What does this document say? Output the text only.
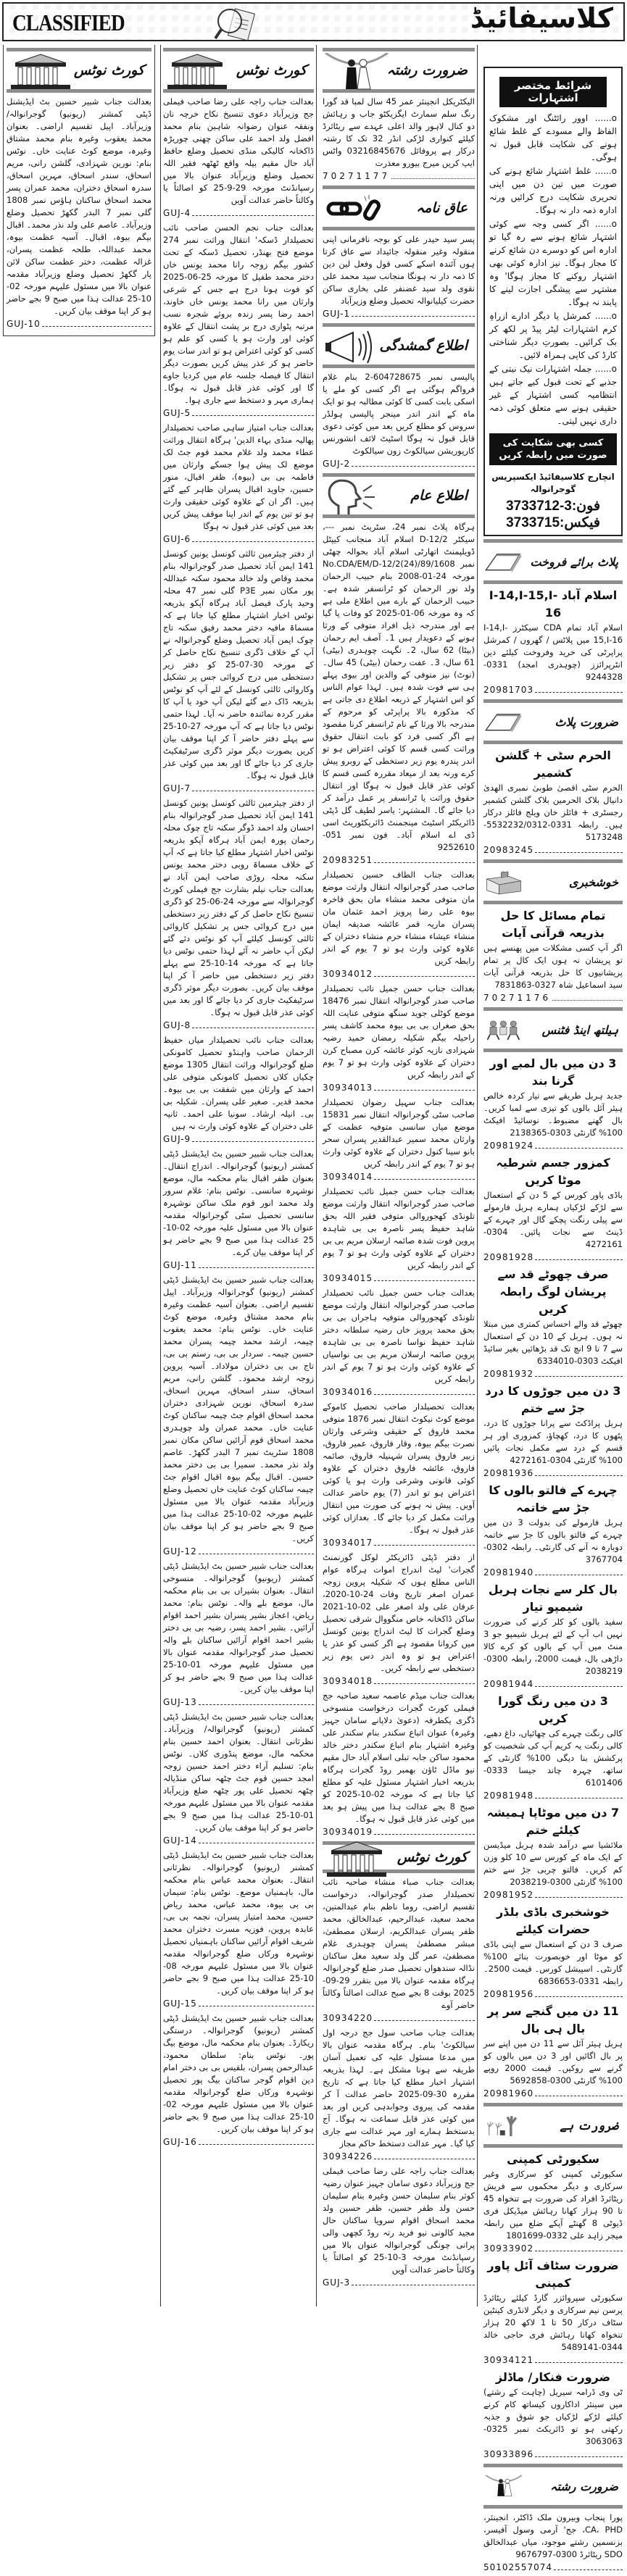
CLASSIFIED	کلاسیفائیڈ
کورٹ نوٹس
بعدالت جناب شبیر حسین بٹ ایڈیشنل ڈپٹی کمشنر (ریونیو) گوجرانوالہ/ وزیرآباد۔ اپیل تقسیم اراضی۔ بعنوان محمد یعقوب وغیرہ بنام محمد مشتاق وغیرہ، موضع کوٹ عنایت خاں۔ نوٹس بنام: نورین شہزادی، گلشن رانی، مریم اسحاق، سندر اسحاق، مہرین اسحاق، سدرہ اسحاق دختران، محمد عمران پسر محمد اسحاق ساکنان ہاؤس نمبر 1808 گلی نمبر 7 البدر گکھڑ تحصیل وضلع وزیرآباد۔ عاصم علی ولد نذر محمد۔ اقبال بیگم بیوہ، اقبال۔ آسیہ عظمت بیوہ، محمد عبداللہ، طلحہ عظمت پسران، غزالہ عظمت، دختر عظمت ساکن لائن پار گکھڑ تحصیل وضلع وزیرآباد مقدمہ عنوان بالا میں مسئول علیہم مورخہ 02-10-25 عدالت ہذا میں صبح 9 بجے حاضر ہو کر اپنا موقف بیان کریں۔
GUJ-10
کورٹ نوٹس
بعدالت جناب راجہ علی رضا صاحب فیملی جج وزیرآباد دعوی تنسیخ نکاح خرچہ نان ونفقہ عنوان رضوانہ شاہین بنام محمد افضل ولد احمد علی ساکن چھنی چوریڑہ ڈاکخانہ کالیکی منڈی تحصیل وضلع حافظ آباد حال مقیم بیلہ واقع ٹھٹھہ فقیر اللہ تحصیل وضلع وزیرآباد عنوان بالا میں رسپانڈنٹ مورخہ 29-9-25 کو اصالتاً یا وکالتاً حاضر عدالت آویں
GUJ-4
بعدالت جناب نجم الحسن صاحب نائب تحصیلدار ڈسکہ' انتقال وراثت نمبر 274 موضع فتح بھنڈر، تحصیل ڈسکہ کے تحت کشور بیگم زوجہ رانا محمد یونس خاں دختر محمد طفیل کا مورخہ 25-06-2025 کو فوت ہونا درج ہے جس کے شرعی وارثان میں رانا محمد یونس خاں خاوند، احمد رضا پسر زندہ بروئے شجرہ نسب مرتبہ پٹواری درج بر پشت انتقال کے علاوہ کوئی اور وارث ہو یا کسی کو علم ہو کسی کو کوئی اعتراض ہو تو اندر سات یوم حاضر ہو کر عذر پیش کریں بصورت دیگر انتقال کا فیصلہ جلسہ عام میں کردیا جاوے گا اور کوئی عذر قابل قبول نہ ہوگا۔ ہماری مہر و دستخط سے جاری ہوا۔
GUJ-5
بعدالت جناب امتیاز ساہی صاحب تحصیلدار پھالیہ منڈی بہاء الدین' ہرگاہ انتقال وراثت عطاء محمد ولد غلام محمد قوم جٹ لک موضع لک پیش ہوا جسکے وارثان میں فاطمہ بی بی (بیوہ)، ظفر اقبال، منور حسین، جاوید اقبال پسران ظاہر کیے گئے ہیں۔ اگر ان کے علاوہ کوئی حقیقی وارث ہو تو تین یوم کے اندر اپنا موقف پیش کریں بعد میں کوئی عذر قبول نہ ہوگا
GUJ-6
از دفتر چیئرمین ثالثی کونسل یونین کونسل 141 ایمن آباد تحصیل صدر گوجرانوالہ بنام محمد وقاص ولد خالد محمود سکنہ عبداللہ پور مکان نمبر P3E گلی نمبر 47 محلہ وحید پارک فیصل آباد ہرگاہ آپکو بذریعہ نوٹس اخبار اشتہار مطلع کیا جاتا ہے کہ مسماۃ مافیہ دختر محمد رفیق سکنہ تاج چوک ایمن آباد تحصیل وضلع گوجرانوالہ نے آپ کے خلاف ڈگری تنسیخ نکاح حاصل کر کے مورخہ 30-07-25 کو دفتر زیر دستخطی میں درج کروائی جس پر تشکیل وکاروائی ثالثی کونسل کے لئے آپ کو نوٹس بذریعہ ڈاک دیے گئے لیکن آپ خود یا آپ کا مقرر کردہ نمائندہ حاضر نہ آیا۔ لہذا حتمی نوٹس دیا جاتا ہے کہ آپ مورخہ 27-10-25 سے پہلے دفتر حاضر آ کر اپنا موقف بیان کریں بصورت دیگر موثر ڈگری سرٹیفکیٹ جاری کر دیا جائے گا اور بعد میں کوئی عذر قابل قبول نہ ہوگا۔
GUJ-7
از دفتر چیئرمین ثالثی کونسل یونین کونسل 141 ایمن آباد تحصیل صدر گوجرانوالہ بنام احسان ولد احمد ڈوگر سکنہ تاج چوک محلہ رحمان پورہ ایمن آباد ہرگاہ آپکو بذریعہ نوٹس اخبار اشتہار مطلع کیا جاتا ہے کہ آپ کے خلاف مسماۃ روبی دختر محمد یونس سکنہ محلہ روڑی صاحب ایمن آباد نے بعدالت جناب نیلم بشارت جج فیملی کورٹ گوجرانوالہ سے مورخہ 24-06-25 کو ڈگری تنسیخ نکاح حاصل کر کے دفتر زیر دستخطی میں درج کروائی جس پر تشکیل کاروائی ثالثی کونسل کیلئے آپ کو نوٹس دئے گئے لیکن آپ حاضر نہ آئے لہذا حتمی نوٹس دیا جاتا ہے کہ مورخہ 14-10-25 سے پہلے دفتر زیر دستخطی میں حاضر آ کر اپنا موقف بیان کریں۔ بصورت دیگر موثر ڈگری سرٹیفکیٹ جاری کر دیا جائے گا اور بعد میں کوئی عذر قابل قبول نہ ہوگا۔
GUJ-8
بعدالت جناب نائب تحصیلدار میاں حفیظ الرحمان صاحب واہنڈو تحصیل کامونکی ضلع گوجرانوالہ وراثت انتقال 1305 موضع چکیاں کلاں تحصیل کامونکی متوفی علی احمد کے وارثان میں شفقت بی بی بیوہ۔ محمد قدیر۔ صغیر علی پسران۔ شکیلہ بی بی۔ انیلہ ارشاد۔ سونیا علی احمد۔ ثانیہ علی دختران کے علاوہ کوئی وارث نہ ہیں
GUJ-9
بعدالت جناب شبیر حسین بٹ ایڈیشنل ڈپٹی کمشنر (ریونیو) گوجرانوالہ۔ اندراج انتقال۔ بعنوان ظفر اقبال بنام محکمہ مال، موضع نوشہرہ سانسی۔ نوٹس بنام: غلام سرور ولد محمد انور قوم ملک ساکن نوشہرہ سانسی تحصیل سٹی گوجرانوالہ مقدمہ عنوان بالا میں مسئول علیہ مورخہ 02-10-25 عدالت ہذا میں صبح 9 بجے حاضر ہو کر اپنا موقف بیان کرے۔
GUJ-11
بعدالت جناب شبیر حسین بٹ ایڈیشنل ڈپٹی کمشنر (ریونیو) گوجرانوالہ وزیرآباد۔ اپیل تقسیم اراضی۔ بعنوان آسیہ عظمت وغیرہ بنام محمد مشتاق وغیرہ، موضع کوٹ عنایت خاں۔ نوٹس بنام: محمد یعقوب چیمہ، ارشد محمد چیمہ پسران محمد حسین چیمہ۔ سردار بی بی، رستم بی بی، تاج بی بی دختران مولاداد۔ آسیہ پروین زوجہ ارشد محمود۔ گلشن رانی، مریم اسحاق، سندر اسحاق، مہرین اسحاق، سدرہ اسحاق، نورین شہزادی دختران محمد اسحاق اقوام جٹ چیمہ ساکنان کوٹ عنایت خاں۔ محمد عمران ولد چوہدری محمد اسحاق قوم آرائیں ساکن مکان نمبر 1808 سٹریٹ نمبر 7 البدر گکھڑ۔ عاصم ولد نذر محمد۔ سمیرا بی بی دختر محمد حسین۔ اقبال بیگم بیوہ اقبال اقوام جٹ چیمہ ساکنان کوٹ عنایت خاں تحصیل وضلع وزیرآباد مقدمہ عنوان بالا میں مسئول علیہم مورخہ 02-10-25 عدالت ہذا میں صبح 9 بجے حاضر ہو کر اپنا موقف بیان کریں۔
GUJ-12
بعدالت جناب شبیر حسین بٹ ایڈیشنل ڈپٹی کمشنر (ریونیو) گوجرانوالہ۔ منسوخی انتقال۔ بعنوان بشیراں بی بی بنام محکمہ مال، موضع بلے والہ۔ نوٹس بنام: محمد ریاض، اعجاز بشیر پسران بشیر احمد اقوام آرائیں۔ بشیر احمد پسر، رضیہ بی بی دختر بشیر احمد اقوام آرائیں ساکنان بلے والہ تحصیل صدر گوجرانوالہ مقدمہ عنوان بالا میں مسئول علیہم مورخہ 01-10-25 عدالت ہذا میں صبح 9 بجے حاضر ہو کر اپنا موقف بیان کریں۔
GUJ-13
بعدالت جناب شبیر حسین بٹ ایڈیشنل ڈپٹی کمشنر (ریونیو) گوجرانوالہ/ وزیرآباد۔ نظرثانی انتقال۔ بعنوان احمد حسین بنام محکمہ مال، موضع پنڈوری کلاں۔ نوٹس بنام: تسلیم آراء دختر احمد حسین زوجہ امجد حسین قوم جٹ چٹھہ ساکن منڈیالہ چٹھہ تحصیل علی پور چٹھہ ضلع وزیرآباد مقدمہ عنوان بالا میں مسئول علیہم مورخہ 01-10-25 عدالت ہذا میں صبح 9 بجے حاضر ہو کر اپنا موقف بیان کریں۔
GUJ-14
بعدالت جناب شبیر حسین بٹ ایڈیشنل ڈپٹی کمشنر (ریونیو) گوجرانوالہ۔ نظرثانی انتقال۔ بعنوان محمد عباس بنام محکمہ مال، باہمنیاں موضع۔ نوٹس بنام: سیماں بی بی بیوہ، محمد عباس، محمد ریاض حسین، محمد امتیاز پسران، نجمہ بی بی، عابدہ پروین، فوزیہ مسرت دختران محمد شریف اقوام آرائیں ساکنان باہمنیاں تحصیل نوشہرہ ورکاں ضلع گوجرانوالہ مقدمہ عنوان بالا میں مسئول علیہم مورخہ 08-10-25 عدالت ہذا میں صبح 9 بجے حاضر ہو کر اپنا موقف بیان کریں۔
GUJ-15
بعدالت جناب شبیر حسین بٹ ایڈیشنل ڈپٹی کمشنر (ریونیو) گوجرانوالہ۔ درستگی ریکارڈ۔ بعنوان بنام محکمہ مال، موضع بیگ پور۔ نوٹس بنام: سلطان محمود، عبدالرحمن پسران، بلقیس بی بی دختر امام دین اقوام گوجر ساکنان بیگ پور تحصیل نوشہرہ ورکاں ضلع گوجرانوالہ مقدمہ عنوان بالا میں مسئول علیہم مورخہ 02-10-25 عدالت ہذا میں صبح 9 بجے حاضر ہو کر اپنا موقف بیان کریں۔
GUJ-16
ضرورت رشتہ
الیکٹریکل انجینئر عمر 45 سال لمبا قد گورا رنگ سلم سمارٹ ایگزیکٹو جاب و رہائش دو کنال لاہور والد اعلی عہدے سے ریٹائرڈ کیلئے کنواری لڑکی انڈر 32 تک کا رشتہ درکار ہے پروفائل 03216845676 واٹس ایپ کریں میرج بیورو معذرت
70271177
عاق نامہ
پسر سید حیدر علی کو بوجہ نافرمانی اپنی منقولہ وغیر منقولہ جائیداد سے عاق کرتا ہوں آئندہ اسکے کسی قول وفعل لین دین کا ذمہ دار نہ ہونگا منجانب سید محمد علی نقوی ولد سید غضنفر علی بخاری ساکن حضرت کیلیانوالہ تحصیل وضلع وزیرآباد
GUJ-1
اطلاع گمشدگی
پالیسی نمبر 604728675-2 بنام غلام فرواگم ہوگئی ہے اگر کسی کو ملے یا اسکی بابت کسی کا کوئی مطالبہ ہو تو ایک ماہ کے اندر اندر مینجر پالیسی ہولڈر سروس کو مطلع کریں بعد میں کوئی دعوی قابل قبول نہ ہوگا اسٹیٹ لائف انشورنس کارپوریشن سیالکوٹ زون سیالکوٹ
GUJ-2
اطلاع عام
ہرگاہ پلاٹ نمبر 24، سٹریٹ نمبر ---، سیکٹر D-12/2 اسلام آباد منجانب کیپٹل ڈویلپمنٹ اتھارٹی اسلام آباد بحوالہ چھٹی نمبر No.CDA/EM/D-12/2(24)/89/1608 مورخہ 24-01-2008 بنام حبیب الرحمان ولد نور الرحمان کو ٹرانسفر شدہ ہے۔ حبیب الرحمان کے بارے میں اطلاع ملی ہے کہ وہ مورخہ 06-01-2025 کو وفات پا گیا ہے اور مندرجہ ذیل افراد متوفی کے ورثا ہونے کے دعویدار ہیں 1۔ آصف ایم رحمان (بیٹا) 62 سال، 2۔ نگہت چوہدری (بیٹی) 61 سال، 3۔ عفت رحمان (بیٹی) 45 سال۔ (نوٹ) نیز متوفی کے والدین اور بیوی پہلے ہی سے فوت شدہ ہیں۔ لہذا عوام الناس کو اس اشتہار کے ذریعہ اطلاع دی جاتی ہے کہ مذکورہ بالا پراپرٹی کو مرحوم کے مندرجہ بالا ورثا کے نام ٹرانسفر کرنا مقصود ہے اگر کسی فرد کو بابت انتقال حقوق وراثت کسی قسم کا کوئی اعتراض ہو تو اندر پندرہ یوم زیر دستخطی کے روبرو پیش کرے ورنہ بعد از میعاد مقررہ کسی قسم کا کوئی عذر قابل قبول نہ ہوگا اور انتقال حقوق وراثت یا ٹرانسفر پر عمل درآمد کر دیا جائے گا۔ المشتہر: یاسر لطیف گل ڈپٹی ڈائریکٹر اسٹیٹ مینجمنٹ ڈائریکٹوریٹ اسی ڈی اے اسلام آباد۔ فون نمبر 051-9252610
20983251
بعدالت جناب الطاف حسین تحصیلدار صاحب صدر گوجرانوالہ انتقال وارثت موضع مان متوفی محمد منشاء مان بحق فاخرہ بیوہ علی رضا پرویز احمد عثمان مان پسران ماریہ قمر عائشہ صدیقہ ایمان منشاء عیشاء منشاء حرم منشاء دختران کے علاوہ کوئی وارث ہو تو 7 یوم کے اندر رابطہ کریں
30934012
بعدالت جناب حسن جمیل نائب تحصیلدار صاحب صدر گوجرانوالہ انتقال نمبر 18476 موضع کوٹلی جوید سنگھ متوفی عنایت اللہ بحق صغراں بی بی بیوہ محمد کاشف پسر راحیلہ بیگم شکیلہ رمضان حمید رضیہ شہزادی نازیہ کوثر عائشہ کرن مصباح کرن دختران کے علاوہ کوئی وارث ہو تو 7 یوم کے اندر رابطہ کریں
30934013
بعدالت جناب سہیل رضوان تحصیلدار صاحب سٹی گوجرانوالہ انتقال نمبر 15831 موضع میاں سانسی متوفیہ عظمت کے وارثان محمد سمیر عبدالقدیر پسران سحر بانو سینا کنول دختران کے علاوہ کوئی وارث ہو تو 7 یوم کے اندر رابطہ کریں
30934014
بعدالت جناب حسن جمیل نائب تحصیلدار صاحب صدر گوجرانوالہ انتقال وارثت موضع تلونڈی کھجوروالی متوفی فقیر اللہ بحق شاہد حفیظ پسر ناصرہ بی بی شاہدہ پروین فوت شدہ صائمہ ارسلان مریم بی بی دختران کے علاوہ کوئی وارث ہو تو 7 یوم کے اندر رابطہ کریں
30934015
بعدالت جناب حسن جمیل نائب تحصیلدار صاحب صدر گوجرانوالہ انتقال وارثت موضع تلونڈی کھجوروالی متوفیہ ہاجراں بی بی بحق محمد پرویز خاں رضیہ سلطانہ دختر شاہد حفیظ نواسا ناصرہ بی بی شاہدہ پروین صائمہ ارسلان مریم بی بی نواسیاں کے علاوہ کوئی وارث ہو تو 7 یوم کے اندر رابطہ کریں
30934016
بعدالت تحصیلدار صاحب تحصیل کاموکے موضع کوٹ نیکوٹ انتقال نمبر 1876 متوفی محمد فاروق کے حقیقی وشرعی وارثان نصرت بیگم بیوہ، وقار فاروق، عمیر فاروق، زبیر فاروق پسران شہنیلہ فاروق، صائمہ فاروق، عائشہ فاروق دختران کے علاوہ کوئی قانونی وشرعی وارث ہو یا کوئی اعتراض ہو تو اندر (7) یوم حاضر عدالت آویں۔ پیش نہ ہونے کی صورت میں انتقال وراثت مکمل کر دیا جائے گا۔ بعدازاں کوئی عذر قبول نہ ہوگا۔
30934017
از دفتر ڈپٹی ڈائریکٹر لوکل گورنمنٹ گجرات' لیٹ اندراج اموات ہرگاہ عوام الناس مطلع ہوں کہ شکیلہ پروین زوجہ عمران اصغر تاریخ وفات 24-10-2020، عرفان علی ولد اصغر علی 02-10-2021 ساکن ڈاکخانہ خاص منگووال شرقی تحصیل وضلع گجرات کا لیٹ اندراج یونین کونسل میں کروانا مقصود ہے اگر کسی کو عذر یا اعتراض ہو تو وہ اندر دس یوم زیر دستخطی سے رابطہ کریں۔
30934018
بعدالت جناب میڈم عاصمہ سعید صاحبہ جج فیملی کورٹ گجرات درخواست منسوخی ڈگری یکطرفہ (دعویٰ دلاپانے سامان جہیز وغیرہ) عنوان اتباع سکندر بنام سکندر علی وغیرہ اشتہار بنام اتباع سکندر دختر خالد محمود ساکن جابہ تبلی اسلام آباد حال مقیم نیو ماڈل ٹاؤن بھمبر روڈ گجرات ہرگاہ بذریعہ اخبار اشتہار مسئول علیہ کو مطلع کیا جاتا ہے کہ مورخہ 02-10-2025 کو صبح 8 بجے عدالت ہذا میں پیش ہو بعد میں کوئی عذر قابل قبول نہ ہوگا۔
30934019
کورٹ نوٹس
بعدالت جناب صباء منشاء صاحبہ نائب تحصیلدار صدر گوجرانوالہ، درخواست تقسیم اراضی، روما ناظم بنام عبدالمتین، محمد سعید، عبدالرحیم، عبدالخالق، محمد ظفر پسران عبدالکریم، ارسلان مصطفیٰ، مبشر مصطفیٰ پسران چوہدری غلام مصطفیٰ، عمر گل ولد سعید مغل ساکنان نڈالہ سندھواں تحصیل صدر ضلع گوجرانوالہ ہرگاہ مقدمہ عنوان بالا میں بتقرر 29-09-2025 بوقت 8 بجے صبح عدالت اصالتاً وکالتاً حاضر آوے
30934220
بعدالت جناب صاحب سول جج درجہ اول سیالکوٹ' بنام۔ ہرگاہ مقدمہ عنوان بالا میں مدعا مسئول علیہ کی تعمیل آسان طریقہ سے ہونا مشکل ہے۔ لہذا بذریعہ اشتہار اخبار مطلع کیا جاتا ہے کہ تاریخ مقررہ 30-09-2025 حاضر عدالت آ کر مقدمہ کی پیروی وجوابدہی کریں اور بعد میں کوئی عذر قابل سماعت نہ ہوگا۔ آج بدستخط ہمارے اور مہر عدالت سے جاری کیا گیا۔ مہر عدالت دستخط حاکم مجاز
30934226
بعدالت جناب راجہ علی رضا صاحب فیملی جج وزیرآباد دعوی سامان جہیز عنوان رضیہ کوثر بنام سلیمان حسن وغیرہ بنام سلیمان حسن ولد ظفر حسین، ظفر حسین ولد محمد اسحاق اقوام سرویا ساکنان حال مجید کالونی نیو فرید رتہ روڈ کچھی والی پرانی چونگی گوجرانوالہ عنوان بالا میں رسپانڈنٹ مورخہ 3-10-25 کو اصالتاً یا وکالتاً حاضر عدالت آویں
GUJ-3
شرائط مختصر اشتہارات

o...... اوور رائٹنگ اور مشکوک الفاظ والے مسودے کے غلط شائع ہونے کی شکایت قابل قبول نہ ہوگی۔

o...... غلط اشتہار شائع ہونے کی صورت میں تین دن میں اپنی تحریری شکایت درج کرائیں ورنہ ادارہ ذمہ دار نہ ہوگا۔

o...... اگر کسی وجہ سے کوئی اشتہار شائع ہونے سے رہ گیا تو ادارہ اس کو دوسرے دن شائع کرنے کا مجاز ہوگا۔ نیز ادارہ کوئی بھی اشتہار روکنے کا مجاز ہوگا' وہ مشتہر سے پیشگی اجازت لینے کا پابند نہ ہوگا۔

o...... کمرشل یا دیگر ادارے ازراہِ کرم اشتہارات لیٹر پیڈ پر لکھ کر بک کرائیں۔ بصورتِ دیگر شناختی کارڈ کی کاپی ہمراہ لائیں۔

o...... جملہ اشتہارات نیک نیتی کے جذبے کے تحت قبول کیے جاتے ہیں انتظامیہ کسی اشتہار کے غیر حقیقی ہونے سے متعلق کوئی ذمہ داری نہیں لیتی۔

کسی بھی شکایت کی صورت میں رابطہ کریں
انچارج کلاسیفائیڈ ایکسپریس گوجرانوالہ
فون:3-3733712
فیکس:3733715
پلاٹ برائے فروخت
اسلام آباد I-14,I-15,I-16
اسلام آباد تمام CDA سیکٹرز I-14,I-15,I-16 میں پلاٹس / گھروں / کمرشل پراپرٹی کی خرید وفروخت کیلئے دین انٹرپرائزز (چوہدری امجد) 0331-9244328
20981703
ضرورت پلاٹ
الحرم سٹی + گلشن کشمیر
الحرم سٹی اقصیٰ طوبیٰ نمبری الھدیٰ دانیال بلاک الحرمین بلاک گلشن کشمیر رجسٹری + فائلز خان ویلج فائلز درکار ہیں۔ رابطہ 0331-5532232/0312-5173248
20983245
خوشخبری
تمام مسائل کا حل بذریعہ قرآنی آیات
اگر آپ کسی مشکلات میں پھنسے ہیں تو پریشان نہ ہوں ایک کال پر تمام پریشانیوں کا حل بذریعہ قرآنی آیات سید اسماعیل شاہ 0327-7831863
70271176
ہیلتھ اینڈ فٹنس
3 دن میں بال لمبے اور گرنا بند
جدید ہربل طریقے سے تیار کردہ خالص ہیئر آئل بالوں کو تیزی سے لمبا کریں۔ بال گھنے مضبوط۔ نوسائیڈ افیکٹ 100% گارنٹی 0303-2138365
20981924
کمزور جسم شرطیہ موٹا کریں
باڈی پاور کورس کے 5 دن کے استعمال سے لڑکے لڑکیاں ہمارے ہربل فارمولے سے پیلی رنگت پچکے گال اور چہرے کے ڈینٹ سے نجات پائیں۔ 0304-4272161
20981928
صرف چھوٹے قد سے پریشان لوگ رابطہ کریں
چھوٹے قد والے احساس کمتری میں مبتلا نہ ہوں۔ ہربل کے 10 دن کے استعمال سے 7 تا 9 انچ تک قد بڑھائیں بغیر سائیڈ افیکٹ 0303-6334010
20981932
3 دن میں جوڑوں کا درد جڑ سے ختم
ہربل پراڈکٹ سے پرانا جوڑوں کا درد، پٹھوں کا درد، کھچاؤ، کمزوری اور ہر قسم کے درد سے مکمل نجات پائیں 100% گارنٹی 0304-4272161
20981936
چہرے کے فالتو بالوں کا جڑ سے خاتمہ
ہربل فارمولے کی بدولت 3 دن میں چہرے کے فالتو بالوں کا جڑ سے خاتمہ دوبارہ نہ آنے کی گارنٹی۔ رابطہ 0302-3767704
20981940
بال کلر سے نجات ہربل شیمپو تیار
سفید بالوں کو کلر کرنے کی ضرورت نہیں اب آپ کے لئے ہربل شیمپو جو 3 منٹ میں آپ کے بالوں کو کرے کالا داڑھی بال، قیمت 2000، رابطہ 0300-2038219
20981944
3 دن میں رنگ گورا کریں
کالی رنگت چہرے کی چھائیاں، داغ دھبے، کالی رنگت یہ کریم آپ کی شخصیت کو پرکشش بنا دیگی 100% گارنٹی کے ساتھ، چہرہ چاند جیسا 0333-6101406
20981948
7 دن میں موٹاپا ہمیشہ کیلئے ختم
ملائشیا سے درآمد شدہ ہربل میڈیسن کے ایک ماہ کے کورس سے 10 کلو وزن کم کریں۔ فالتو چربی جڑ سے ختم 100% گارنٹی 0300-2038219
20981952
خوشخبری باڈی بلڈر حضرات کیلئے
صرف 3 دن کے استعمال سے اپنی باڈی کو موٹا اور خوبصورت بنائے 100% گارنٹی۔ اسپیشل کورس۔ قیمت 2500۔ رابطہ 0331-6836653
20981956
11 دن میں گنجے سر پر بال ہی بال
ہربل ہیئر آئل سے 11 دن میں اپنے سر پر بال اگائیں اور 3 دن میں بالوں کو گرنے سے روکیں۔ قیمت 2000 روپے 100% گارنٹی 0300-5692858
20981960
ضرورت ہے
سکیورٹی کمپنی
سکیورٹی کمپنی کو سرکاری وغیر سرکاری و دیگر محکموں سے فریش ریٹائرڈ افراد کی ضرورت ہے تنخواہ 45 تا 90 ہزار کھانا رہائش میڈیکل فری ڈیوٹی 8 گھنٹے آپکے ضلع میں رابطہ میجر زاہد علی 0332-1801699
30933902
ضرورت سٹاف آئل پاور کمپنی
سکیورٹی سپروائزر گارڈ کیلئے ریٹائرڈ پرسن نیم سرکاری و دیگر لانڈری کینٹین سٹاف درکار 50 تا 1 لاکھ 20 ہزار تنخواہ کھانا رہائش فری حاجی خالد 0344-5489141
30934121
ضرورت فنکار/ ماڈلز
ٹی وی ڈرامہ سیریل (چاہت کے رشتے) میں سینئر اداکاروں کیساتھ کام کرنے کیلئے لڑکے لڑکیاں جو شوق و جذبہ رکھتی ہو تو ڈائریکٹ نمبر 0325-3063063
30933896
ضرورت رشتہ
پورا پنجاب وبیرون ملک ڈاکٹر، انجینئر، CA، PHD، جج' آرمی وسول آفیسر، بزنسمین رشتے موجود، میاں عبدالخالق SDO ریٹائرڈ 0300-9676797
50102557074
